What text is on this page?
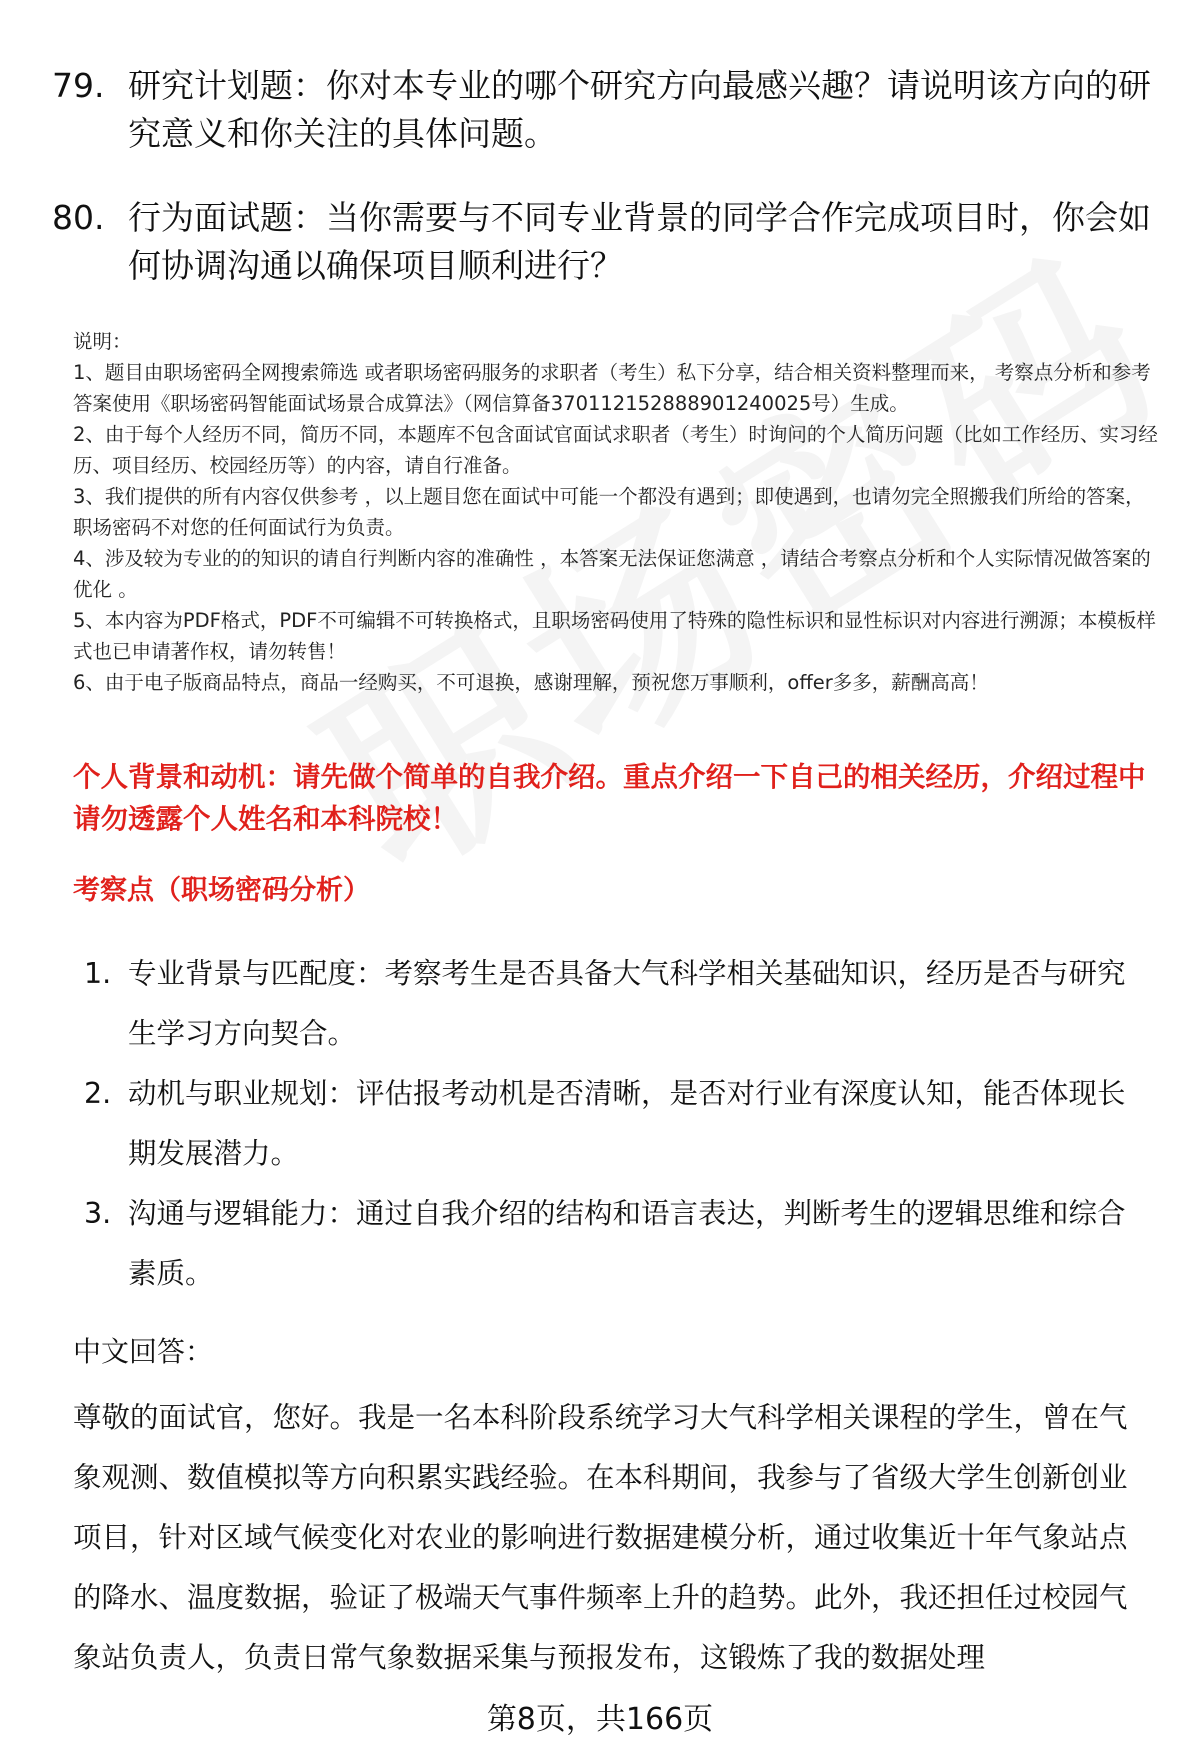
79. 研究计划题：你对本专业的哪个研究方向最感兴趣？请说明该方向的研究意义和你关注的具体问题。
80. 行为面试题：当你需要与不同专业背景的同学合作完成项目时，你会如何协调沟通以确保项目顺利进行？
说明：
1、题目由职场密码全网搜索筛选 或者职场密码服务的求职者（考生）私下分享，结合相关资料整理而来， 考察点分析和参考答案使用《职场密码智能面试场景合成算法》（网信算备370112152888901240025号）生成。
2、由于每个人经历不同，简历不同，本题库不包含面试官面试求职者（考生）时询问的个人简历问题（比如工作经历、实习经历、项目经历、校园经历等）的内容，请自行准备。
3、我们提供的所有内容仅供参考 ，以上题目您在面试中可能一个都没有遇到；即使遇到，也请勿完全照搬我们所给的答案，职场密码不对您的任何面试行为负责。
4、涉及较为专业的的知识的请自行判断内容的准确性 ，本答案无法保证您满意 ，请结合考察点分析和个人实际情况做答案的优化 。
5、本内容为PDF格式，PDF不可编辑不可转换格式，且职场密码使用了特殊的隐性标识和显性标识对内容进行溯源；本模板样式也已申请著作权，请勿转售！
6、由于电子版商品特点，商品一经购买，不可退换，感谢理解，预祝您万事顺利，offer多多，薪酬高高！
个人背景和动机：请先做个简单的自我介绍。重点介绍一下自己的相关经历，介绍过程中请勿透露个人姓名和本科院校！
考察点（职场密码分析）
1. 专业背景与匹配度：考察考生是否具备大气科学相关基础知识，经历是否与研究生学习方向契合。
2. 动机与职业规划：评估报考动机是否清晰，是否对行业有深度认知，能否体现长期发展潜力。
3. 沟通与逻辑能力：通过自我介绍的结构和语言表达，判断考生的逻辑思维和综合素质。
中文回答：
尊敬的面试官，您好。我是一名本科阶段系统学习大气科学相关课程的学生，曾在气象观测、数值模拟等方向积累实践经验。在本科期间，我参与了省级大学生创新创业项目，针对区域气候变化对农业的影响进行数据建模分析，通过收集近十年气象站点的降水、温度数据，验证了极端天气事件频率上升的趋势。此外，我还担任过校园气象站负责人，负责日常气象数据采集与预报发布，这锻炼了我的数据处理
第8页，共166页
